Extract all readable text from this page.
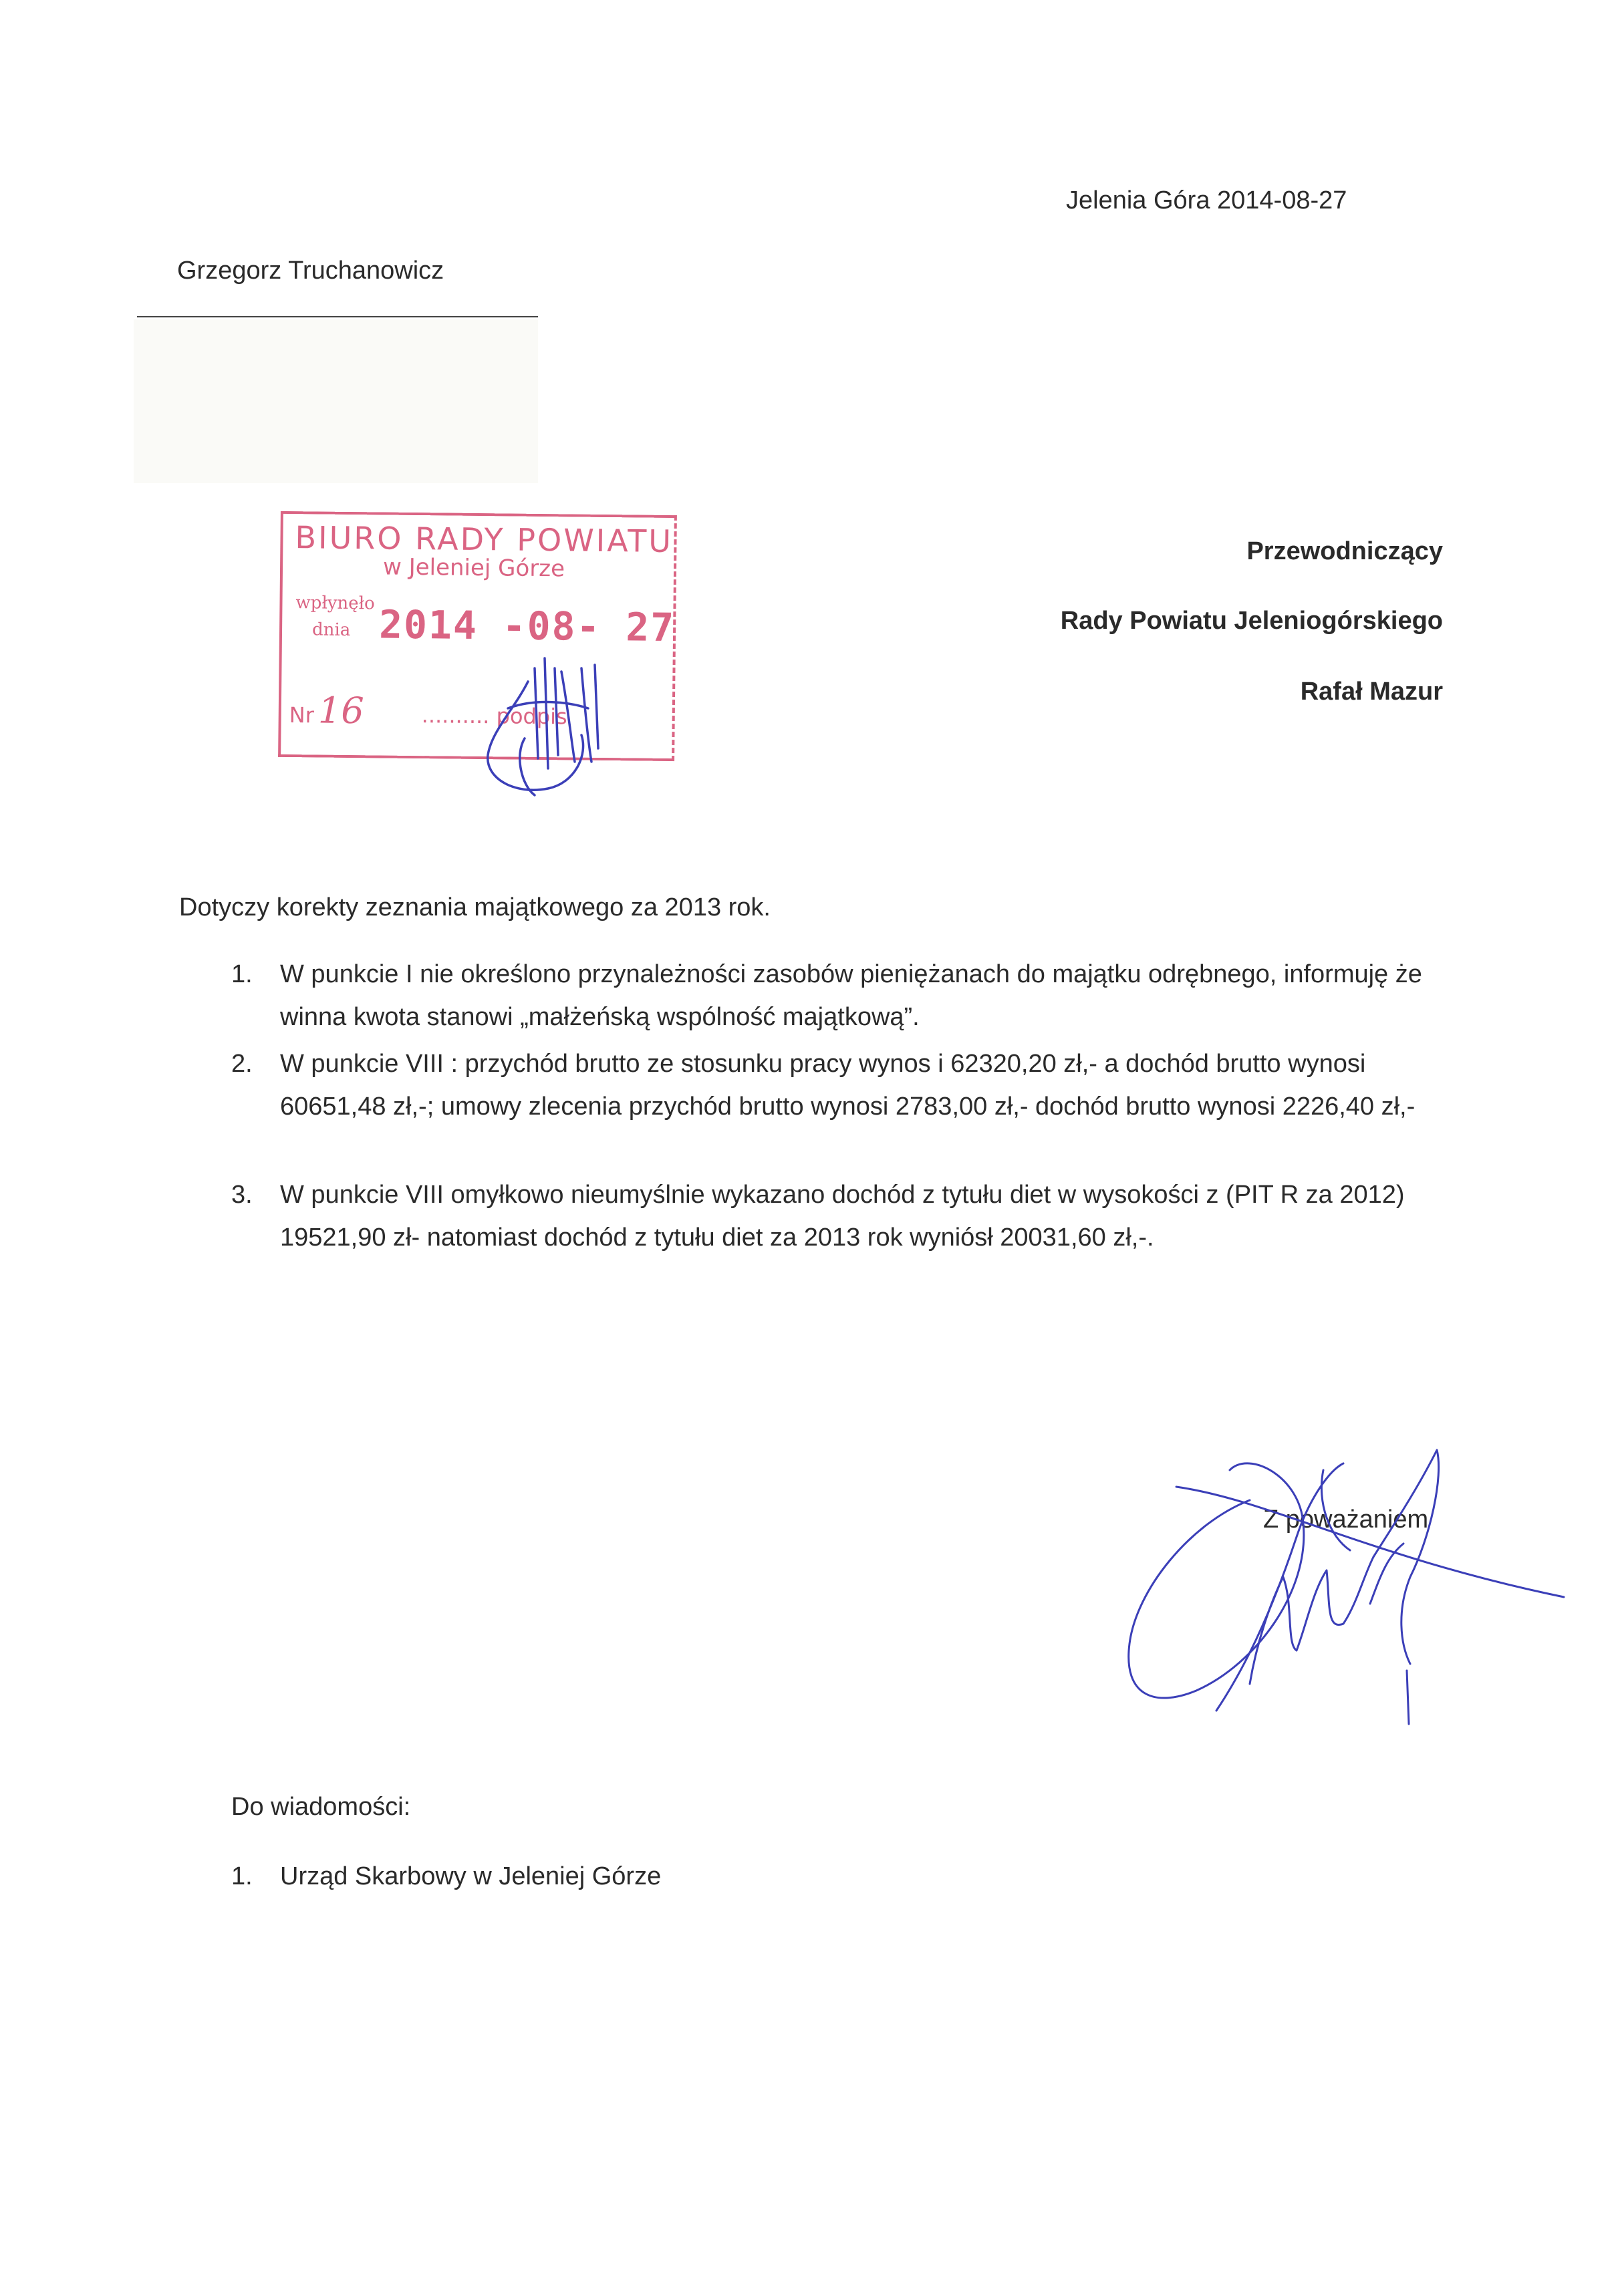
Jelenia Góra 2014-08-27
Grzegorz Truchanowicz
Przewodniczący
Rady Powiatu Jeleniogórskiego
Rafał Mazur
BIURO RADY POWIATU
w Jeleniej Górze
wpłynęło
dnia 2014 -08- 27
Nr 16	.......... podpis
Dotyczy korekty zeznania majątkowego za 2013 rok.
1.	W punkcie I nie określono przynależności zasobów pieniężanach do majątku odrębnego, informuję że winna kwota stanowi „małżeńską wspólność majątkową”.
2.	W punkcie VIII : przychód brutto ze stosunku pracy wynos i 62320,20 zł,- a dochód brutto wynosi 60651,48 zł,-; umowy zlecenia przychód brutto wynosi 2783,00 zł,- dochód brutto wynosi 2226,40 zł,-
3.	W punkcie VIII omyłkowo nieumyślnie wykazano dochód z tytułu diet w wysokości z (PIT R za 2012) 19521,90 zł- natomiast dochód z tytułu diet za 2013 rok wyniósł 20031,60 zł,-.
Z poważaniem
Do wiadomości:
1. Urząd Skarbowy w Jeleniej Górze
